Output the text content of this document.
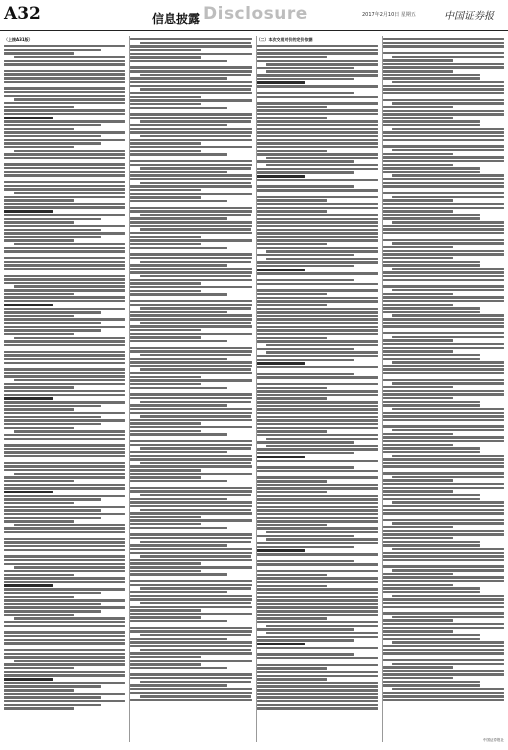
A32	信息披露 Disclosure	2017年2月10日 星期五	中国证券报
（上接A31版）	（二）本次交易对价的定价依据
中国证券报社
